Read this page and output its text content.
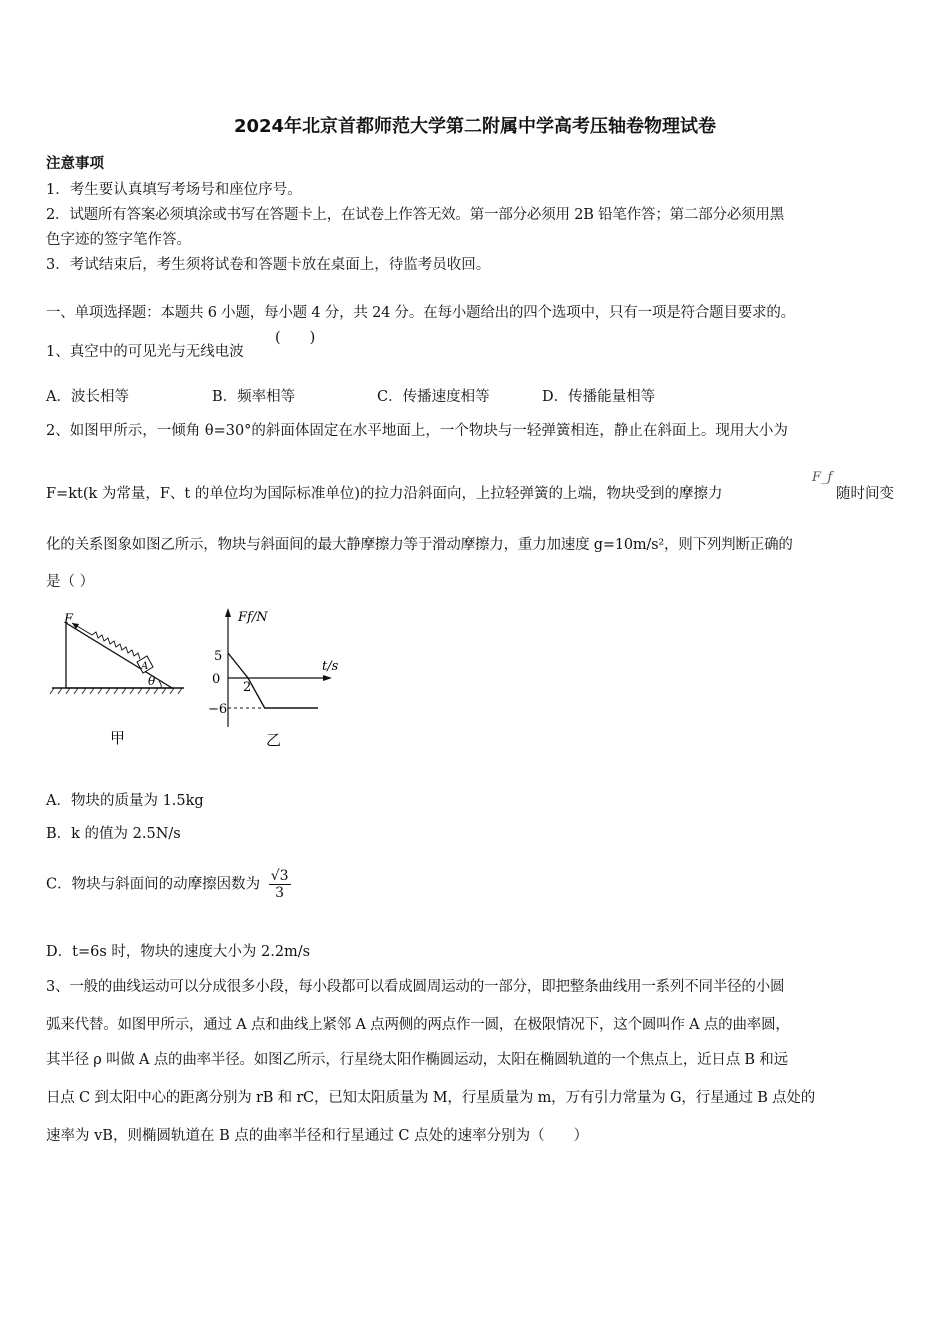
2024年北京首都师范大学第二附属中学高考压轴卷物理试卷
注意事项
1．考生要认真填写考场号和座位序号。
2．试题所有答案必须填涂或书写在答题卡上，在试卷上作答无效。第一部分必须用 2B 铅笔作答；第二部分必须用黑
色字迹的签字笔作答。
3．考试结束后，考生须将试卷和答题卡放在桌面上，待监考员收回。
一、单项选择题：本题共 6 小题，每小题 4 分，共 24 分。在每小题给出的四个选项中，只有一项是符合题目要求的。
1、真空中的可见光与无线电波
(　　)
A．波长相等	B．频率相等	C．传播速度相等	D．传播能量相等
2、如图甲所示，一倾角 θ=30°的斜面体固定在水平地面上，一个物块与一轻弹簧相连，静止在斜面上。现用大小为
F=kt(k 为常量，F、t 的单位均为国际标准单位)的拉力沿斜面向，上拉轻弹簧的上端，物块受到的摩擦力
F_f
随时间变
化的关系图象如图乙所示，物块与斜面间的最大静摩擦力等于滑动摩擦力，重力加速度 g=10m/s²，则下列判断正确的
是（ ）
F
A
θ
甲
Ff/N
t/s
5
0
−6
2
乙
A．物块的质量为 1.5kg
B．k 的值为 2.5N/s
C．物块与斜面间的动摩擦因数为 $\frac{√3}{3}$
D．t=6s 时，物块的速度大小为 2.2m/s
3、一般的曲线运动可以分成很多小段，每小段都可以看成圆周运动的一部分，即把整条曲线用一系列不同半径的小圆
弧来代替。如图甲所示，通过 A 点和曲线上紧邻 A 点两侧的两点作一圆，在极限情况下，这个圆叫作 A 点的曲率圆，
其半径 ρ 叫做 A 点的曲率半径。如图乙所示，行星绕太阳作椭圆运动，太阳在椭圆轨道的一个焦点上，近日点 B 和远
日点 C 到太阳中心的距离分别为 rB 和 rC，已知太阳质量为 M，行星质量为 m，万有引力常量为 G，行星通过 B 点处的
速率为 vB，则椭圆轨道在 B 点的曲率半径和行星通过 C 点处的速率分别为（　　）
